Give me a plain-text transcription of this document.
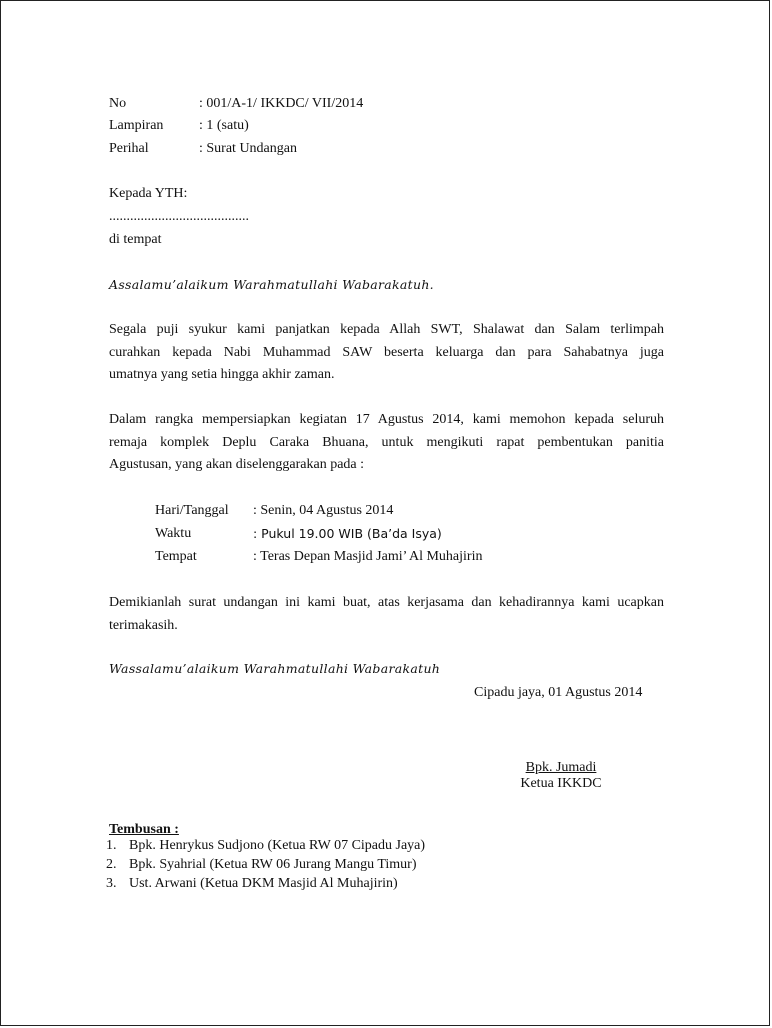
No	: 001/A-1/ IKKDC/ VII/2014
Lampiran	: 1 (satu)
Perihal	: Surat Undangan
Kepada YTH:
........................................
di tempat
Assalamu’alaikum Warahmatullahi Wabarakatuh.
Segala puji syukur kami panjatkan kepada Allah SWT, Shalawat dan Salam terlimpah
curahkan kepada Nabi Muhammad SAW beserta keluarga dan para Sahabatnya juga
umatnya yang setia hingga akhir zaman.
Dalam rangka mempersiapkan kegiatan 17 Agustus 2014, kami memohon kepada seluruh
remaja komplek Deplu Caraka Bhuana, untuk mengikuti rapat pembentukan panitia
Agustusan, yang akan diselenggarakan pada :
Hari/Tanggal : Senin, 04 Agustus 2014
Waktu	: Pukul 19.00 WIB (Ba’da Isya)
Tempat	: Teras Depan Masjid Jami’ Al Muhajirin
Demikianlah surat undangan ini kami buat, atas kerjasama dan kehadirannya kami ucapkan
terimakasih.
Wassalamu’alaikum Warahmatullahi Wabarakatuh
Cipadu jaya, 01 Agustus 2014
Bpk. Jumadi
Ketua IKKDC
Tembusan :
1. Bpk. Henrykus Sudjono (Ketua RW 07 Cipadu Jaya)
2. Bpk. Syahrial (Ketua RW 06 Jurang Mangu Timur)
3. Ust. Arwani (Ketua DKM Masjid Al Muhajirin)
